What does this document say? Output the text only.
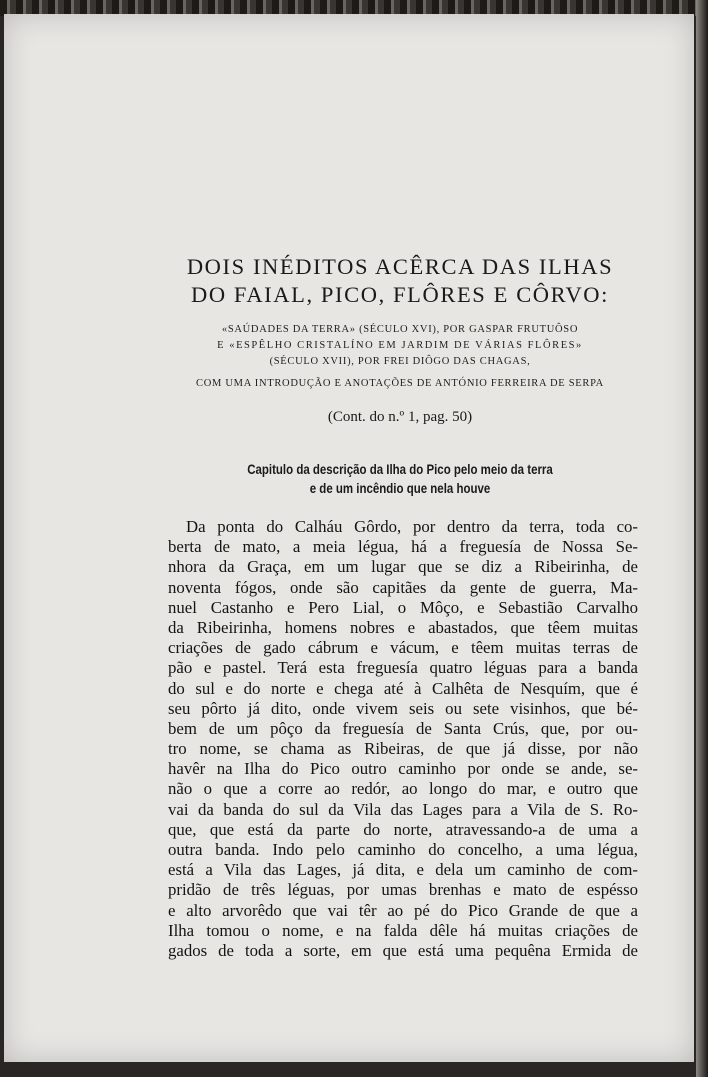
DOIS INÉDITOS ACÊRCA DAS ILHAS
DO FAIAL, PICO, FLÔRES E CÔRVO:
«SAÚDADES DA TERRA» (SÉCULO XVI), POR GASPAR FRUTUÔSO
E «ESPÊLHO CRISTALÍNO EM JARDIM DE VÁRIAS FLÔRES»
(SÉCULO XVII), POR FREI DIÔGO DAS CHAGAS,
COM UMA INTRODUÇÃO E ANOTAÇÕES DE ANTÓNIO FERREIRA DE SERPA
(Cont. do n.º 1, pag. 50)
Capitulo da descrição da Ilha do Pico pelo meio da terra
e de um incêndio que nela houve
Da ponta do Calháu Gôrdo, por dentro da terra, toda co-
berta de mato, a meia légua, há a freguesía de Nossa Se-
nhora da Graça, em um lugar que se diz a Ribeirinha, de
noventa fógos, onde são capitães da gente de guerra, Ma-
nuel Castanho e Pero Lial, o Môço, e Sebastião Carvalho
da Ribeirinha, homens nobres e abastados, que têem muitas
criações de gado cábrum e vácum, e têem muitas terras de
pão e pastel. Terá esta freguesía quatro léguas para a banda
do sul e do norte e chega até à Calhêta de Nesquím, que é
seu pôrto já dito, onde vivem seis ou sete visinhos, que bé-
bem de um pôço da freguesía de Santa Crús, que, por ou-
tro nome, se chama as Ribeiras, de que já disse, por não
havêr na Ilha do Pico outro caminho por onde se ande, se-
não o que a corre ao redór, ao longo do mar, e outro que
vai da banda do sul da Vila das Lages para a Vila de S. Ro-
que, que está da parte do norte, atravessando-a de uma a
outra banda. Indo pelo caminho do concelho, a uma légua,
está a Vila das Lages, já dita, e dela um caminho de com-
pridão de três léguas, por umas brenhas e mato de espésso
e alto arvorêdo que vai têr ao pé do Pico Grande de que a
Ilha tomou o nome, e na falda dêle há muitas criações de
gados de toda a sorte, em que está uma pequêna Ermida de
